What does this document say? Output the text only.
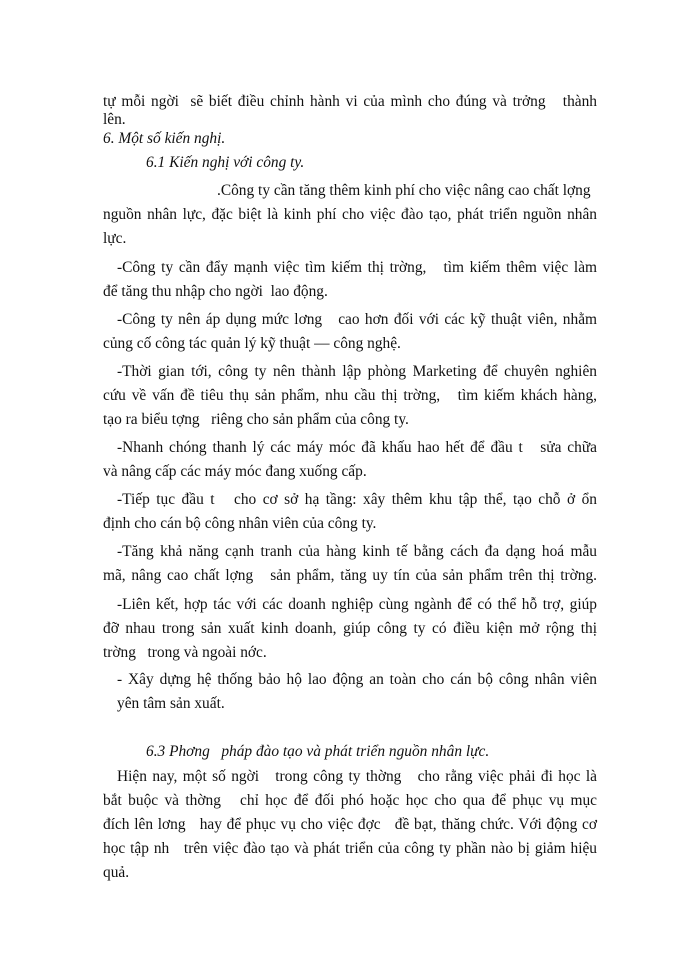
tự mỗi ngời  sẽ biết điều chỉnh hành vi của mình cho đúng và trởng   thành
lên.
6. Một số kiến nghị.
6.1 Kiến nghị với công ty.
.Công ty cần tăng thêm kinh phí cho việc nâng cao chất lợng
nguồn nhân lực, đặc biệt là kinh phí cho việc đào tạo, phát triển nguồn nhân
lực.
-Công ty cần đẩy mạnh việc tìm kiếm thị trờng,   tìm kiếm thêm việc làm
để tăng thu nhập cho ngời  lao động.
-Công ty nên áp dụng mức lơng   cao hơn đối với các kỹ thuật viên, nhằm
củng cố công tác quản lý kỹ thuật — công nghệ.
-Thời gian tới, công ty nên thành lập phòng Marketing để chuyên nghiên
cứu về vấn đề tiêu thụ sản phẩm, nhu cầu thị trờng,   tìm kiếm khách hàng,
tạo ra biểu tợng   riêng cho sản phẩm của công ty.
-Nhanh chóng thanh lý các máy móc đã khấu hao hết để đầu t   sửa chữa
và nâng cấp các máy móc đang xuống cấp.
-Tiếp tục đầu t   cho cơ sở hạ tầng: xây thêm khu tập thể, tạo chỗ ở ổn
định cho cán bộ công nhân viên của công ty.
-Tăng khả năng cạnh tranh của hàng kinh tế bằng cách đa dạng hoá mẫu
mã, nâng cao chất lợng   sản phẩm, tăng uy tín của sản phẩm trên thị trờng.
-Liên kết, hợp tác với các doanh nghiệp cùng ngành để có thể hỗ trợ, giúp
đỡ nhau trong sản xuất kinh doanh, giúp công ty có điều kiện mở rộng thị
trờng   trong và ngoài nớc.
- Xây dựng hệ thống bảo hộ lao động an toàn cho cán bộ công nhân viên
yên tâm sản xuất.
6.3 Phơng   pháp đào tạo và phát triển nguồn nhân lực.
Hiện nay, một số ngời   trong công ty thờng   cho rằng việc phải đi học là
bắt buộc và thờng   chỉ học để đối phó hoặc học cho qua để phục vụ mục
đích lên lơng   hay để phục vụ cho việc đợc   đề bạt, thăng chức. Với động cơ
học tập nh   trên việc đào tạo và phát triển của công ty phần nào bị giảm hiệu
quả.
